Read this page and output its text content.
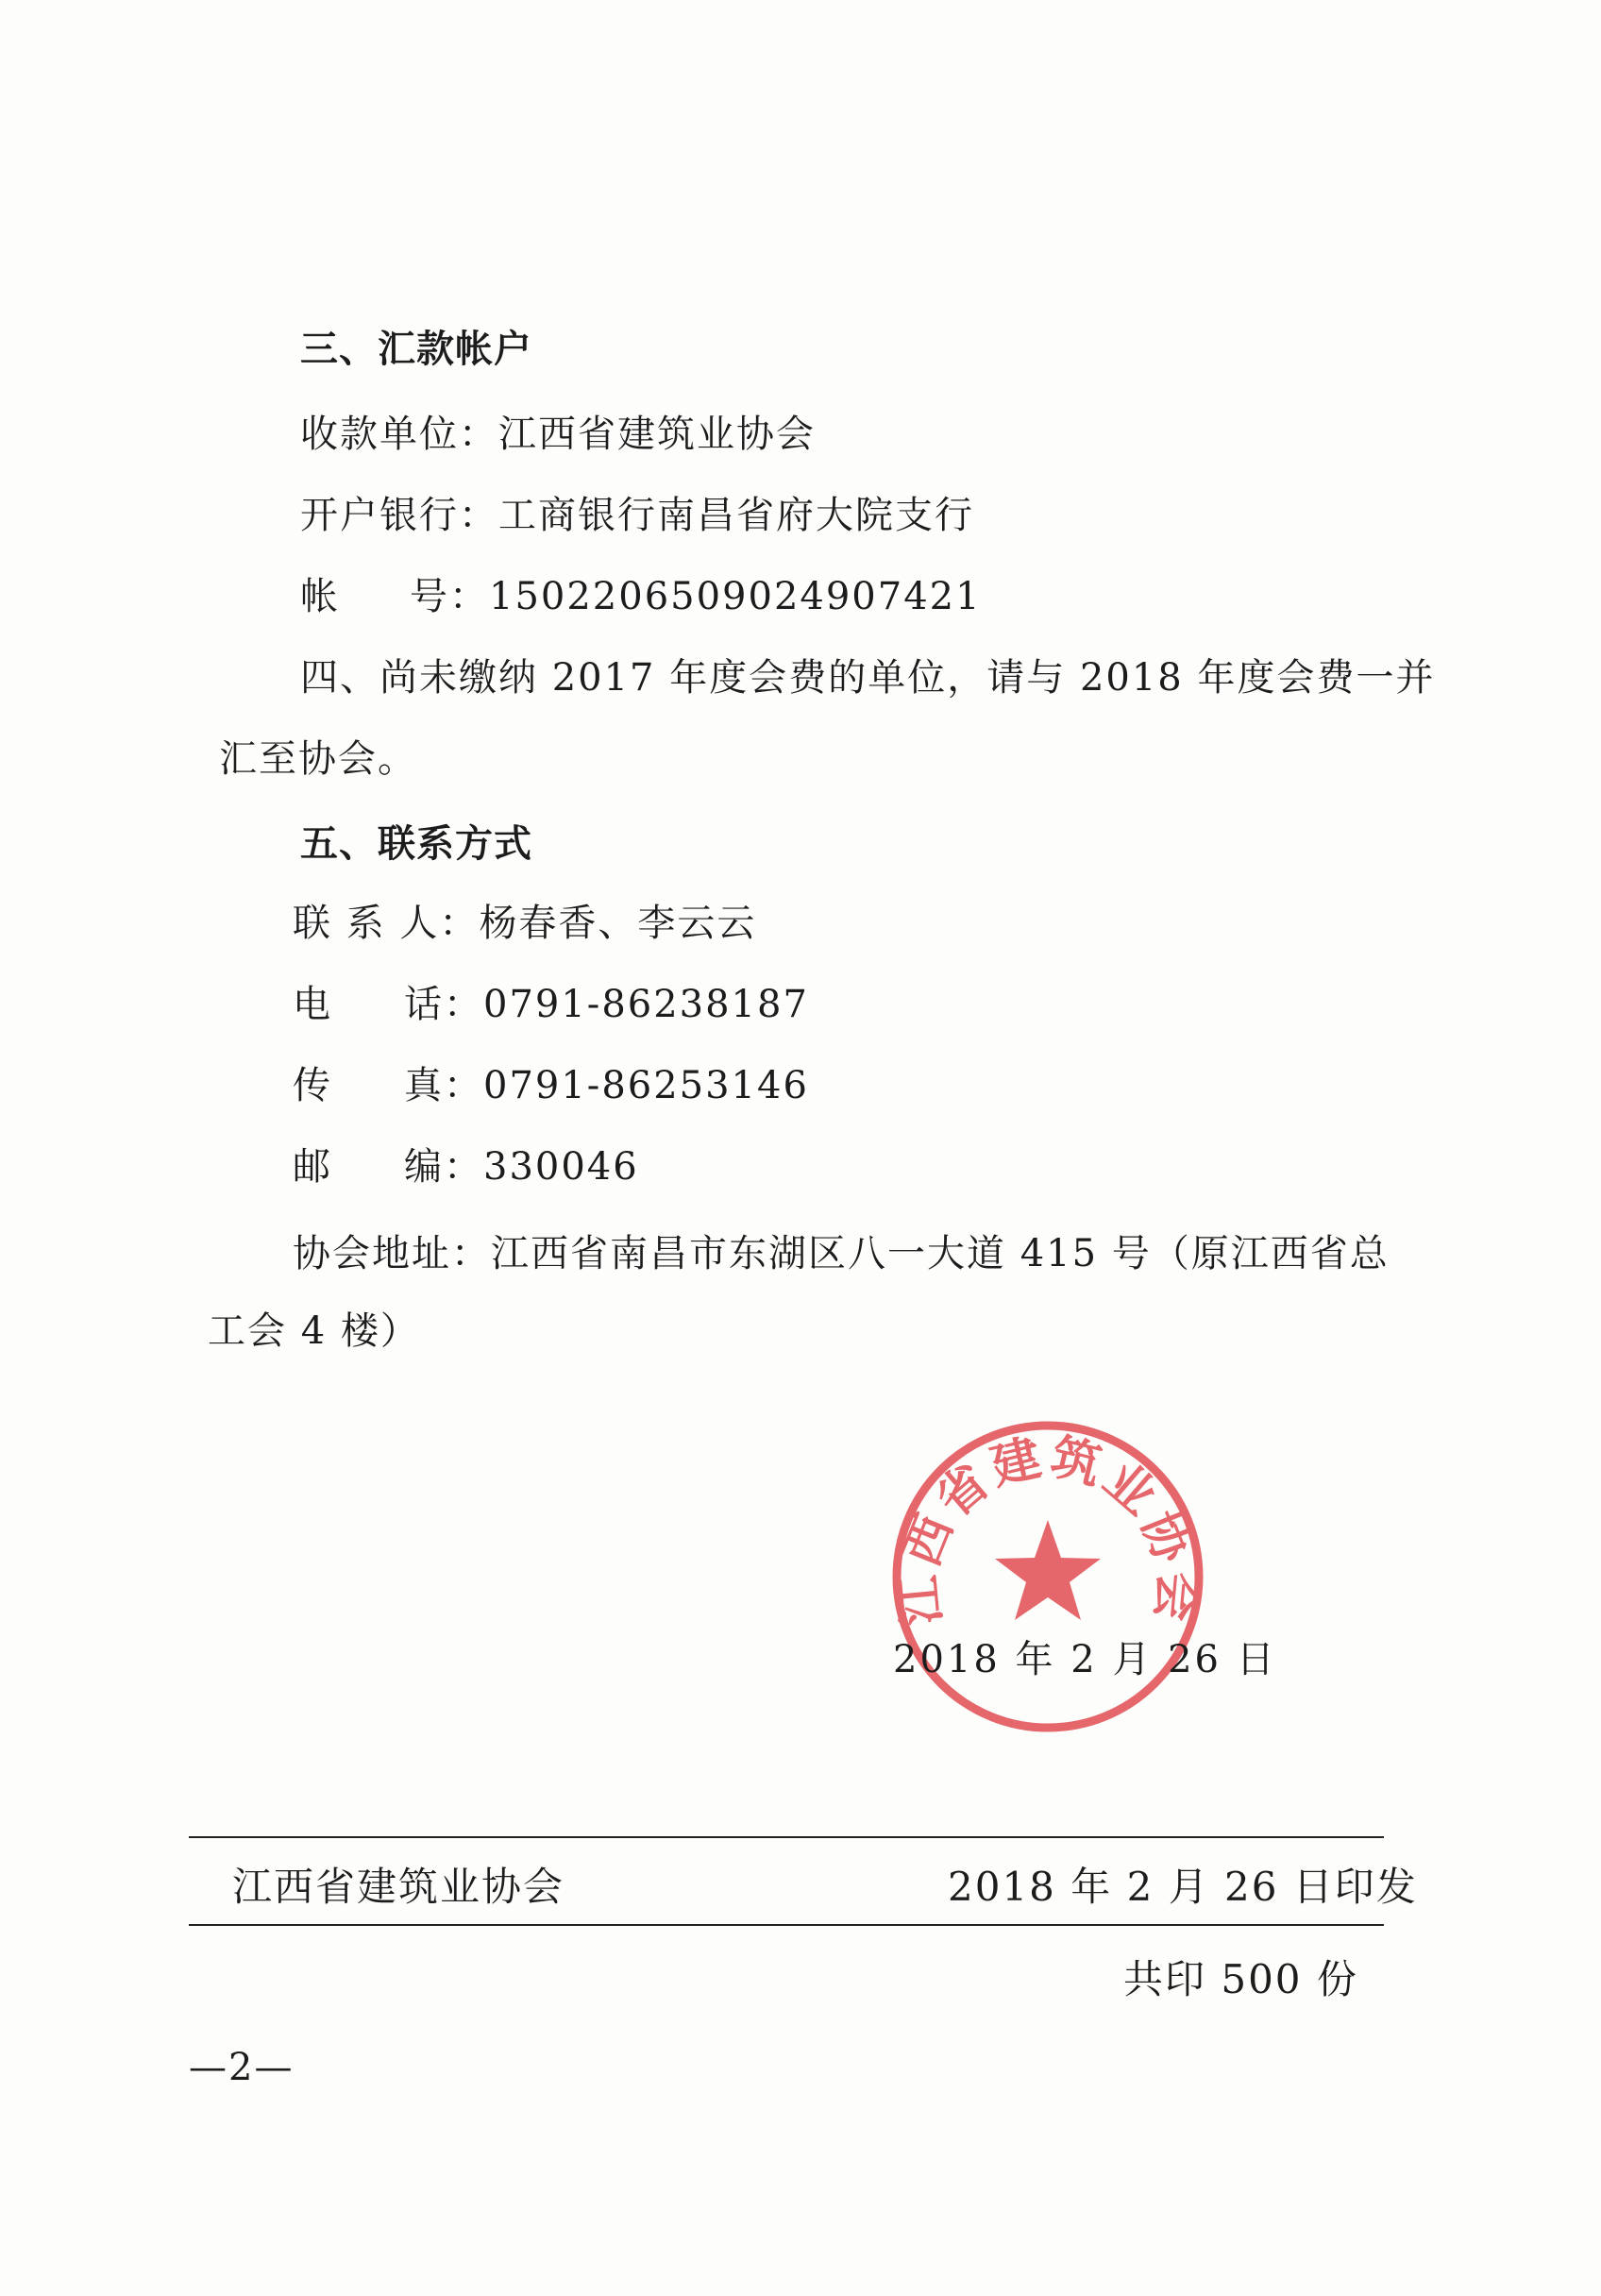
三、汇款帐户
收款单位：江西省建筑业协会
开户银行：工商银行南昌省府大院支行
帐 号：1502206509024907421
四、尚未缴纳 2017 年度会费的单位，请与 2018 年度会费一并
汇至协会。
五、联系方式
联 系 人：杨春香、李云云
电 话：0791-86238187
传 真：0791-86253146
邮 编：330046
协会地址：江西省南昌市东湖区八一大道 415 号（原江西省总
工会 4 楼）
江西省建筑业协会
2018 年 2 月 26 日
江西省建筑业协会	2018 年 2 月 26 日印发
共印 500 份
—2—
